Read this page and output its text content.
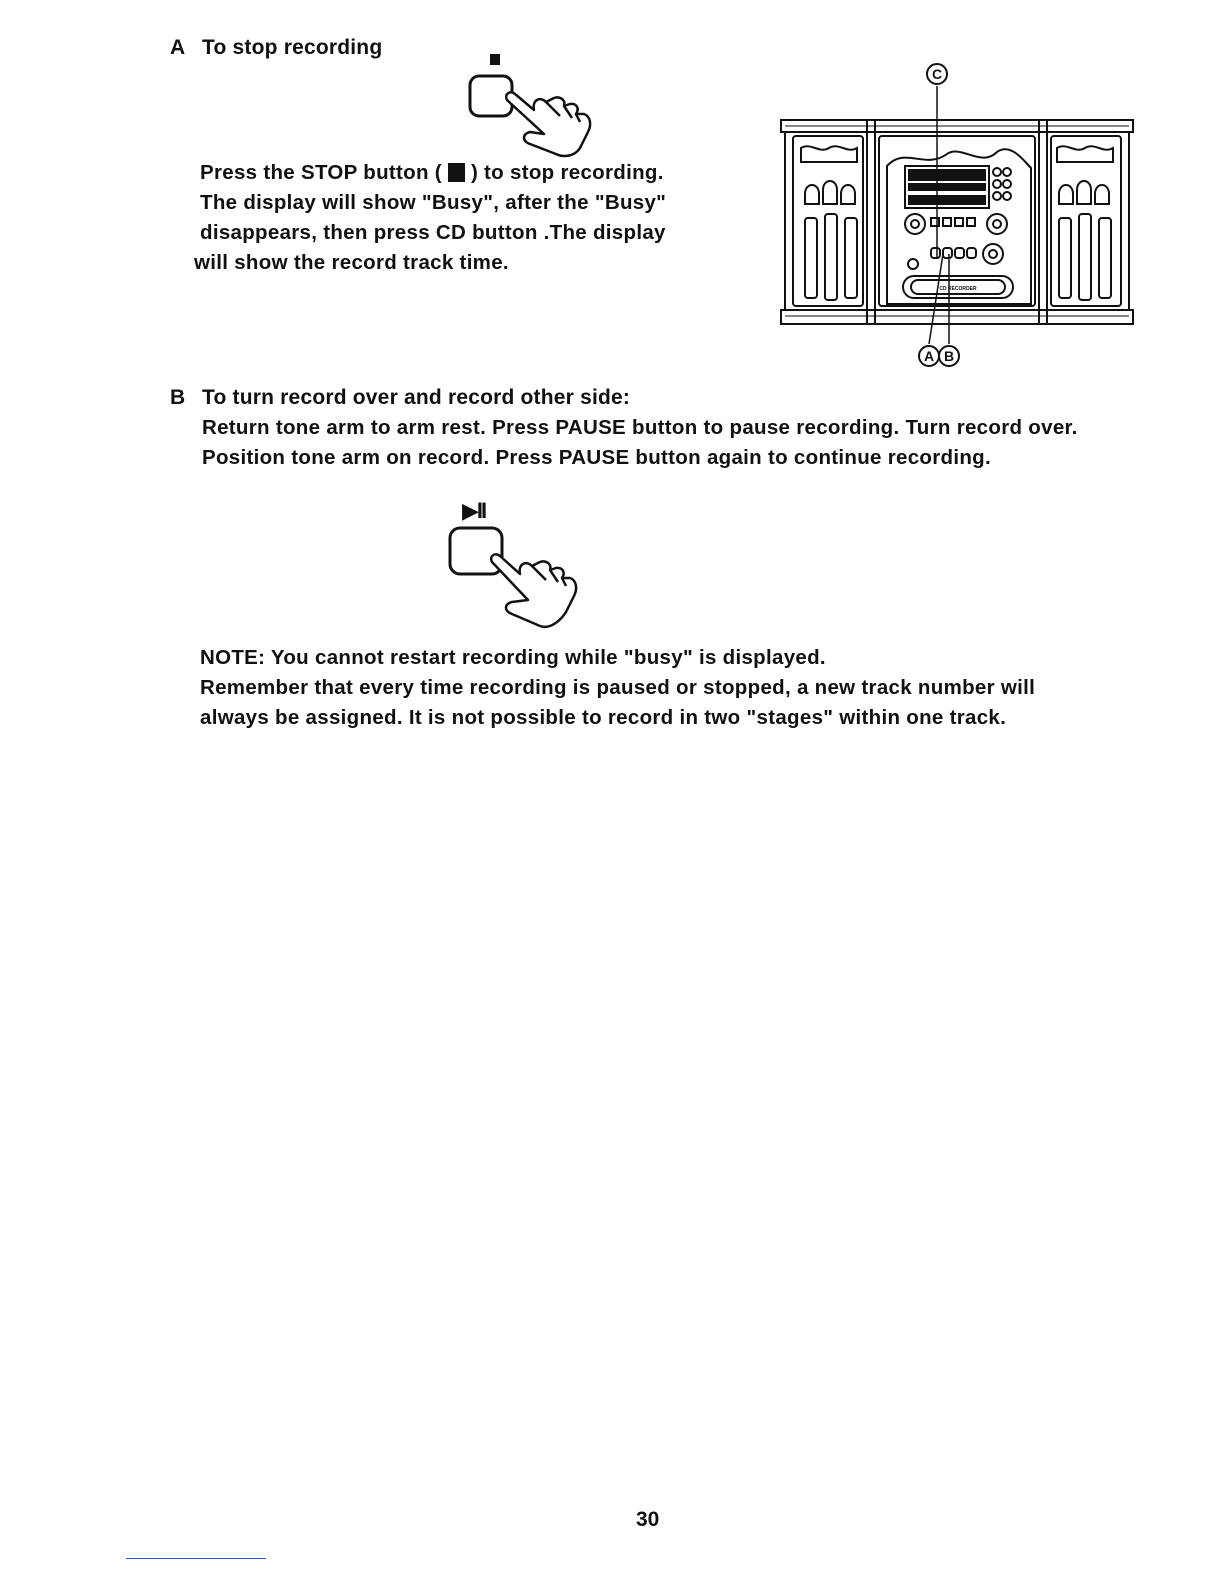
A To stop recording
Press the STOP button ( ) to stop recording.
The display will show "Busy", after the "Busy"
disappears, then press CD button .The display
will show the record track time.
CD RECORDER
C
A B
B To turn record over and record other side:
Return tone arm to arm rest. Press PAUSE button to pause recording. Turn record over.
Position tone arm on record. Press PAUSE button again to continue recording.
▶II
NOTE: You cannot restart recording while "busy" is displayed.
Remember that every time recording is paused or stopped, a new track number will
always be assigned. It is not possible to record in two "stages" within one track.
30
